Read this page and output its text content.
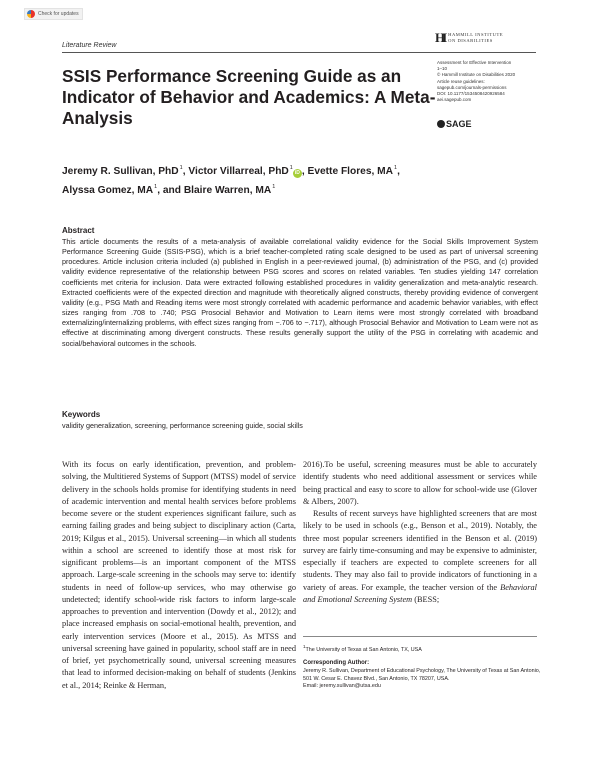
Check for updates
Literature Review
HI HAMMILL INSTITUTE
ON DISABILITIES
Assessment for Effective Intervention
1–10
© Hammill Institute on Disabilities 2020
Article reuse guidelines:
sagepub.com/journals-permissions
DOI: 10.1177/1534508420926584
aei.sagepub.com
SAGE
SSIS Performance Screening Guide as an Indicator of Behavior and Academics: A Meta-Analysis
Jeremy R. Sullivan, PhD$^1$, Victor Villarreal, PhD$^1$iD , Evette Flores, $MA^1$,
Alyssa Gomez, $MA^1$, and Blaire Warren, $MA^1$
Abstract

This article documents the results of a meta-analysis of available correlational validity evidence for the Social Skills Improvement System Performance Screening Guide (SSIS-PSG), which is a brief teacher-completed rating scale designed to be used as part of universal screening procedures. Article inclusion criteria included (a) published in English in a peer-reviewed journal, (b) administration of the PSG, and (c) provided validity evidence representative of the relationship between PSG scores and scores on related variables. Ten studies yielding 147 correlation coefficients met criteria for inclusion. Data were extracted following established procedures in validity generalization and meta-analytic research. Extracted coefficients were of the expected direction and magnitude with theoretically aligned constructs, thereby providing evidence of convergent validity (e.g., PSG Math and Reading items were most strongly correlated with academic performance and academic behavior variables, with effect sizes ranging from .708 to .740; PSG Prosocial Behavior and Motivation to Learn items were most strongly correlated with broadband externalizing/internalizing problems, with effect sizes ranging from −.706 to −.717), although Prosocial Behavior and Motivation to Learn were not as effective at discriminating among divergent constructs. These results generally support the utility of the PSG in correlating with academic and social/behavioral outcomes in the schools.

Keywords
validity generalization, screening, performance screening guide, social skills

With its focus on early identification, prevention, and problem-solving, the Multitiered Systems of Support (MTSS) model of service delivery in the schools holds promise for identifying students in need of academic intervention and mental health services before problems become severe or the student experiences significant failure, such as earning failing grades and being subject to disciplinary action (Carta, 2019; Kilgus et al., 2015). Universal screening—in which all students within a school are screened to identify those at most risk for significant problems—is an important component of the MTSS approach. Large-scale screening in the schools may serve to: identify students in need of follow-up services, who may otherwise go undetected; identify school-wide risk factors to inform large-scale approaches to prevention and intervention (Dowdy et al., 2012); and place increased emphasis on social-emotional health, prevention, and early intervention services (Moore et al., 2015). As MTSS and universal screening have gained in popularity, school staff are in need of brief, yet psychometrically sound, universal screening measures that lead to informed decision-making on behalf of students (Jenkins et al., 2014; Reinke & Herman,

2016).To be useful, screening measures must be able to accurately identify students who need additional assessment or services while being practical and easy to score to allow for school-wide use (Glover & Albers, 2007).

Results of recent surveys have highlighted screeners that are most likely to be used in schools (e.g., Benson et al., 2019). Notably, the three most popular screeners identified in the Benson et al. (2019) survey are fairly time-consuming and may be expensive to administer, especially if teachers are expected to complete screeners for all students. They may also fail to provide indicators of functioning in a variety of areas. For example, the teacher version of the Behavioral and Emotional Screening System (BESS;

$^1$The University of Texas at San Antonio, TX, USA
Corresponding Author:
Jeremy R. Sullivan, Department of Educational Psychology, The University of Texas at San Antonio, 501 W. Cesar E. Chavez Blvd., San Antonio, TX 78207, USA.
Email: jeremy.sullivan@utsa.edu
